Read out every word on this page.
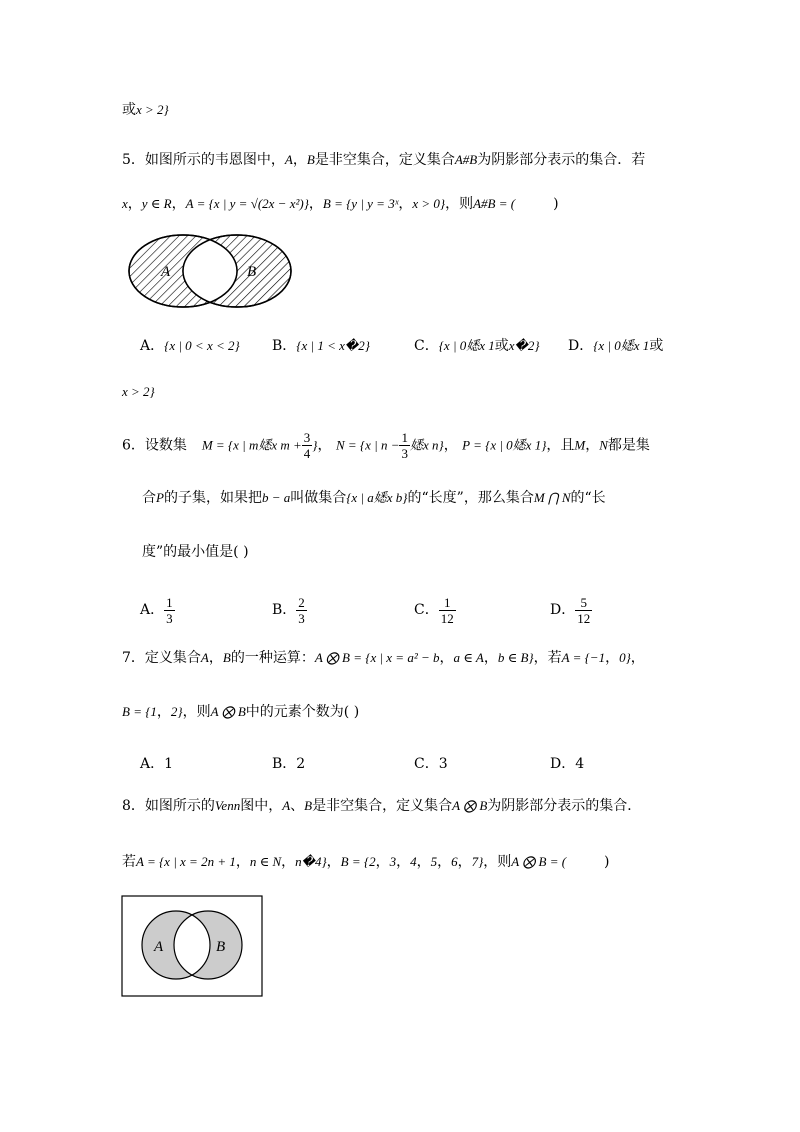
或x > 2}
5．如图所示的韦恩图中，A，B是非空集合，定义集合A#B为阴影部分表示的集合．若
x，y ∈ R，A = {x | y = √(2x − x²)}，B = {y | y = 3ˣ，x > 0}，则A#B = (	)
A	B
A．{x | 0 < x < 2} B．{x | 1 < x�2}	C．{x | 0𡡁x 1或x�2} D．{x | 0𡡁x 1或
x > 2}
6．设数集 M = {x | m𡡁x $m + \frac{3}{4}$ }， N = {x | $n - \frac{1}{3}$ 𡡁x n}， P = {x | 0𡡁x 1}，且M，N都是集
合P的子集，如果把b − a叫做集合{x | a𡡁x b}的“长度”，那么集合M ⋂ N的“长
度”的最小值是( )
A． $\frac{1}{3}$	B． $\frac{2}{3}$	C． $\frac{1}{12}$	D． $\frac{5}{12}$
7．定义集合A，B的一种运算：A ⨂ B = {x | x = a² − b，a ∈ A，b ∈ B}，若A = {−1，0}，
B = {1，2}，则A ⨂ B中的元素个数为( )
A．1	B．2	C．3	D．4
8．如图所示的Venn图中，A、B是非空集合，定义集合A ⨂ B为阴影部分表示的集合．
若A = {x | x = 2n + 1，n ∈ N，n�4}，B = {2，3，4，5，6，7}，则A ⨂ B = (	)
A	B
